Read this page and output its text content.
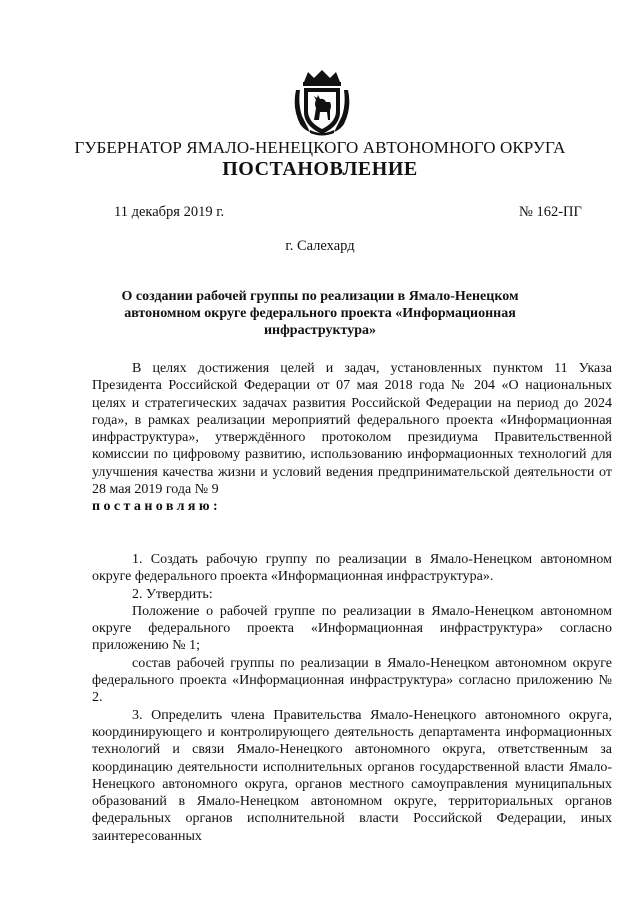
ГУБЕРНАТОР ЯМАЛО-НЕНЕЦКОГО АВТОНОМНОГО ОКРУГА
ПОСТАНОВЛЕНИЕ
11 декабря 2019 г.	№ 162-ПГ
г. Салехард
О создании рабочей группы по реализации в Ямало-Ненецком автономном округе федерального проекта «Информационная инфраструктура»

В целях достижения целей и задач, установленных пунктом 11 Указа Президента Российской Федерации от 07 мая 2018 года № 204 «О национальных целях и стратегических задачах развития Российской Федерации на период до 2024 года», в рамках реализации мероприятий федерального проекта «Информационная инфраструктура», утверждённого протоколом президиума Правительственной комиссии по цифровому развитию, использованию информационных технологий для улучшения качества жизни и условий ведения предпринимательской деятельности от 28 мая 2019 года № 9

постановляю:

1. Создать рабочую группу по реализации в Ямало-Ненецком автономном округе федерального проекта «Информационная инфраструктура».

2. Утвердить:

Положение о рабочей группе по реализации в Ямало-Ненецком автономном округе федерального проекта «Информационная инфраструктура» согласно приложению № 1;

состав рабочей группы по реализации в Ямало-Ненецком автономном округе федерального проекта «Информационная инфраструктура» согласно приложению № 2.

3. Определить члена Правительства Ямало-Ненецкого автономного округа, координирующего и контролирующего деятельность департамента информационных технологий и связи Ямало-Ненецкого автономного округа, ответственным за координацию деятельности исполнительных органов государственной власти Ямало-Ненецкого автономного округа, органов местного самоуправления муниципальных образований в Ямало-Ненецком автономном округе, территориальных органов федеральных органов исполнительной власти Российской Федерации, иных заинтересованных
